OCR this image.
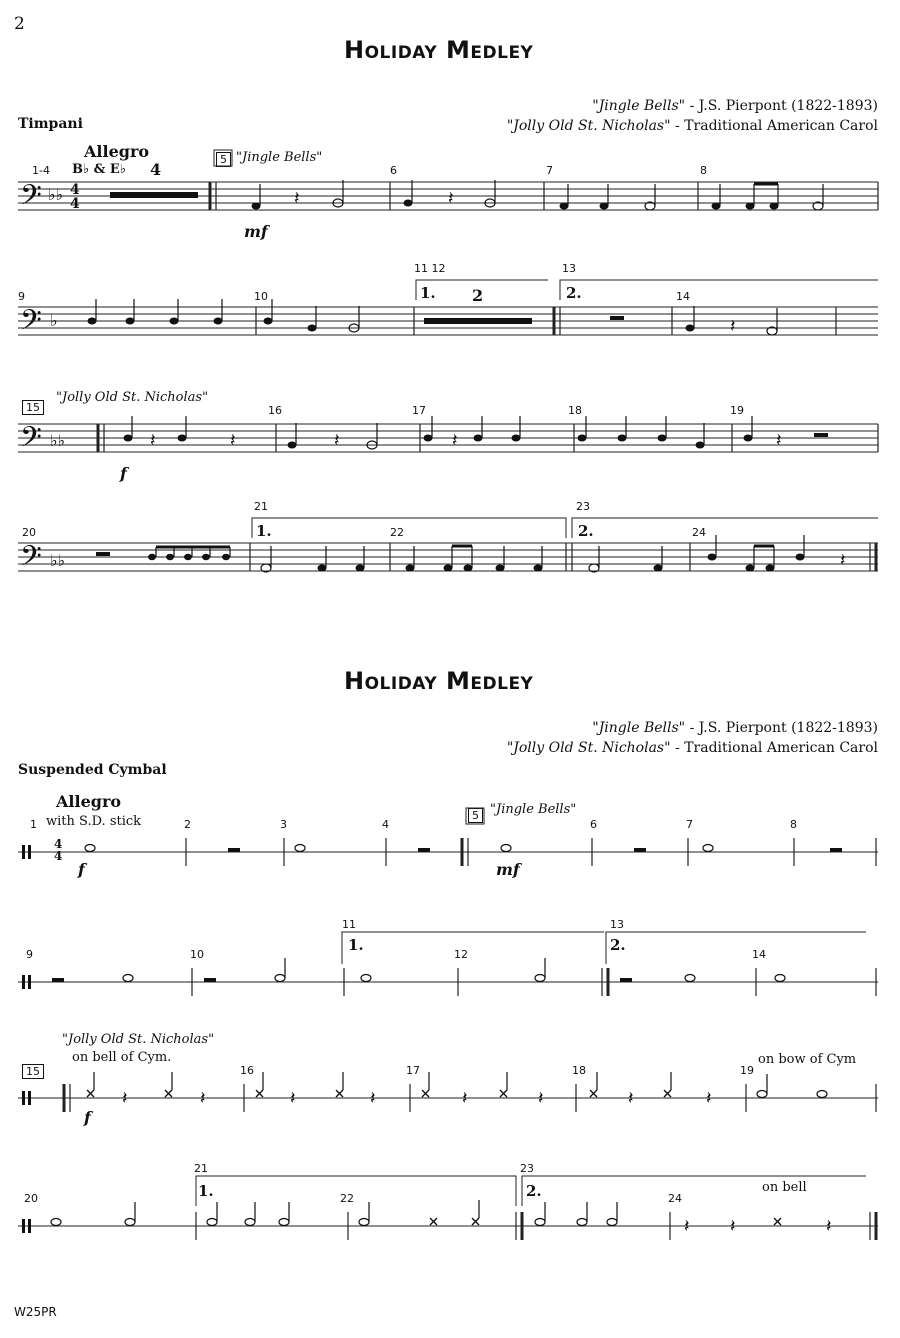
2
Holiday Medley
"Jingle Bells" - J.S. Pierpont (1822-1893)
"Jolly Old St. Nicholas" - Traditional American Carol
Timpani
Allegro
B♭ & E♭ 4
1-4
5 "Jingle Bells"
6	7	8
mf
9	10
11 12
1. 2
13
2.	14
15
"Jolly Old St. Nicholas"
16	17	18	19
f
20
21
1.	22
23
2.	24
Holiday Medley
"Jingle Bells" - J.S. Pierpont (1822-1893)
"Jolly Old St. Nicholas" - Traditional American Carol
Suspended Cymbal
Allegro
1 with S.D. stick	2	3	4
5 "Jingle Bells"
6	7	8
f	mf
9	10
11
1.
12
13
2.
14
"Jolly Old St. Nicholas"
on bell of Cym.
15	16	17	18	19
on bow of Cym
f
20
21
1.	22
23
2.	24
on bell
W25PR
𝄢
𝄢
𝄢
𝄢
♭♭
♭
♭♭
♭♭
4
4	𝄽	𝄽
𝄽
𝄽	𝄽	𝄽	𝄽	𝄽
𝄽
4
4
𝄽	𝄽	𝄽	𝄽	𝄽	𝄽	𝄽	𝄽
𝄽 𝄽	𝄽
